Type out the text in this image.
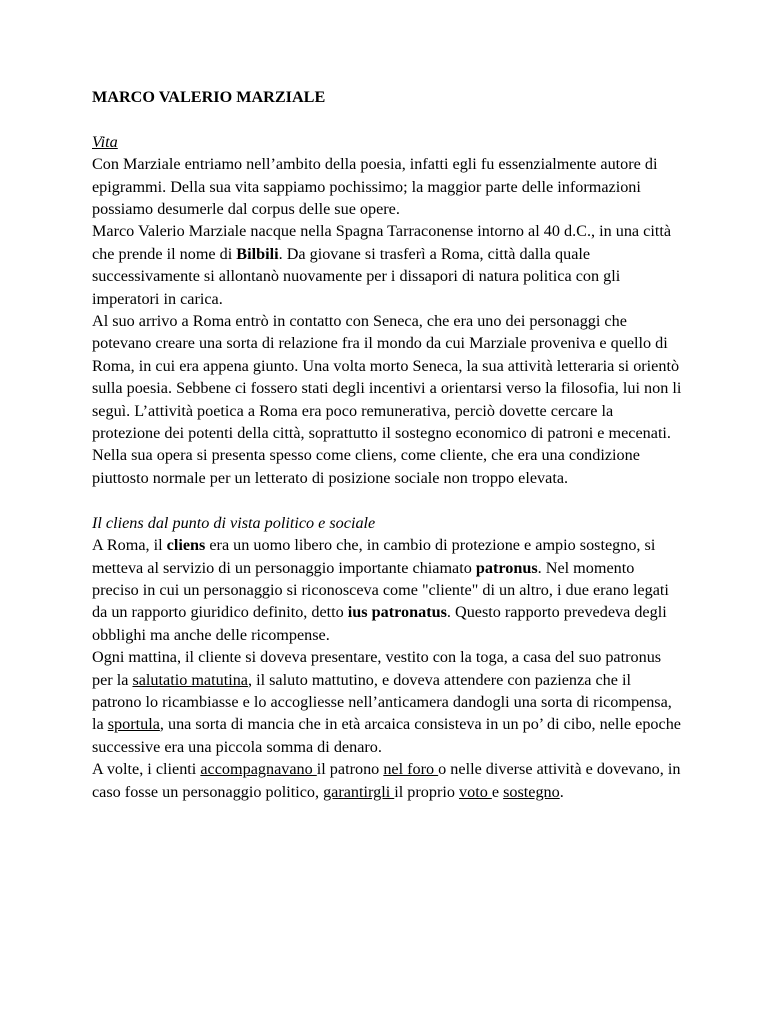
MARCO VALERIO MARZIALE

Vita

Con Marziale entriamo nell’ambito della poesia, infatti egli fu essenzialmente autore di epigrammi. Della sua vita sappiamo pochissimo; la maggior parte delle informazioni possiamo desumerle dal corpus delle sue opere.

Marco Valerio Marziale nacque nella Spagna Tarraconense intorno al 40 d.C., in una città che prende il nome di Bilbili. Da giovane si trasferì a Roma, città dalla quale successivamente si allontanò nuovamente per i dissapori di natura politica con gli imperatori in carica.

Al suo arrivo a Roma entrò in contatto con Seneca, che era uno dei personaggi che potevano creare una sorta di relazione fra il mondo da cui Marziale proveniva e quello di Roma, in cui era appena giunto. Una volta morto Seneca, la sua attività letteraria si orientò sulla poesia. Sebbene ci fossero stati degli incentivi a orientarsi verso la filosofia, lui non li seguì. L’attività poetica a Roma era poco remunerativa, perciò dovette cercare la protezione dei potenti della città, soprattutto il sostegno economico di patroni e mecenati.

Nella sua opera si presenta spesso come cliens, come cliente, che era una condizione piuttosto normale per un letterato di posizione sociale non troppo elevata.

Il cliens dal punto di vista politico e sociale

A Roma, il cliens era un uomo libero che, in cambio di protezione e ampio sostegno, si metteva al servizio di un personaggio importante chiamato patronus. Nel momento preciso in cui un personaggio si riconosceva come "cliente" di un altro, i due erano legati da un rapporto giuridico definito, detto ius patronatus. Questo rapporto prevedeva degli obblighi ma anche delle ricompense.

Ogni mattina, il cliente si doveva presentare, vestito con la toga, a casa del suo patronus per la salutatio matutina, il saluto mattutino, e doveva attendere con pazienza che il patrono lo ricambiasse e lo accogliesse nell’anticamera dandogli una sorta di ricompensa, la sportula, una sorta di mancia che in età arcaica consisteva in un po’ di cibo, nelle epoche successive era una piccola somma di denaro.

A volte, i clienti accompagnavano il patrono nel foro o nelle diverse attività e dovevano, in caso fosse un personaggio politico, garantirgli il proprio voto e sostegno.
